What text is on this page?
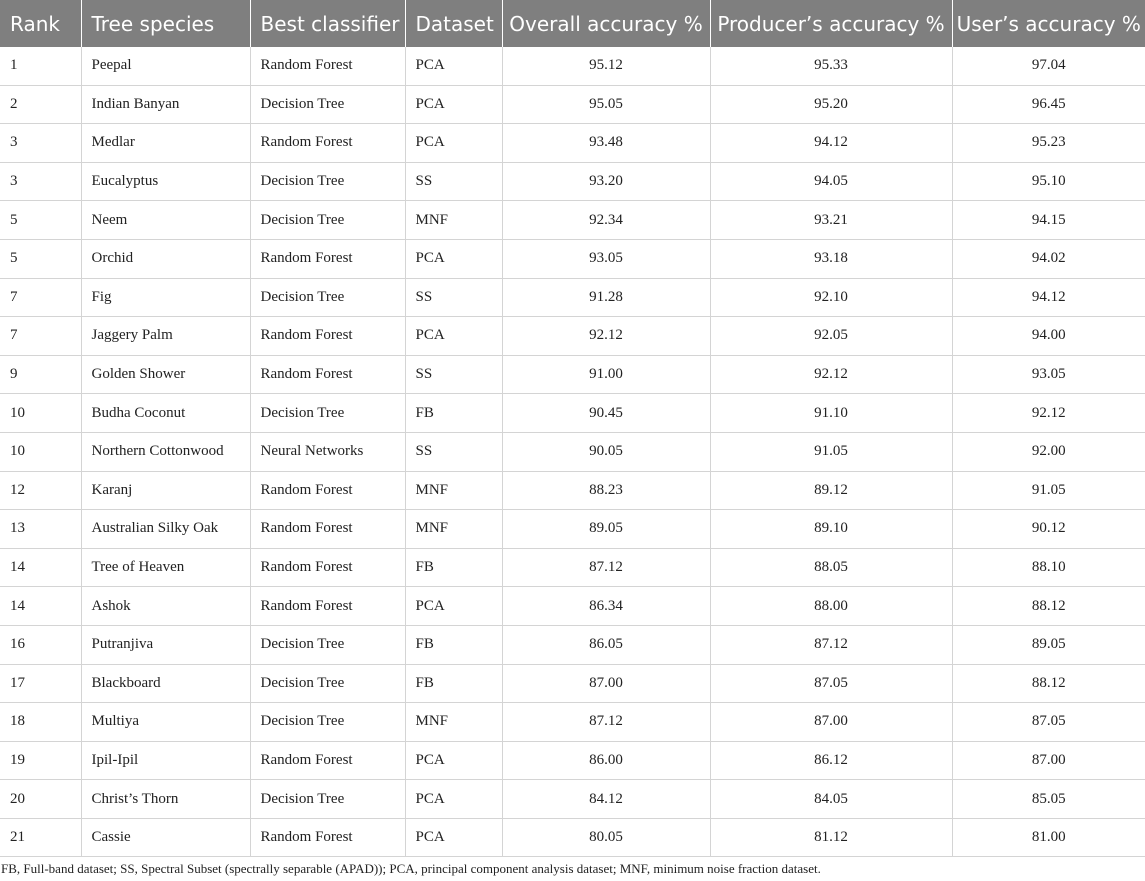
Rank	Tree species	Best classifier	Dataset	Overall accuracy %	Producer’s accuracy %	User’s accuracy %
1	Peepal	Random Forest	PCA	95.12	95.33	97.04
2	Indian Banyan	Decision Tree	PCA	95.05	95.20	96.45
3	Medlar	Random Forest	PCA	93.48	94.12	95.23
3	Eucalyptus	Decision Tree	SS	93.20	94.05	95.10
5	Neem	Decision Tree	MNF	92.34	93.21	94.15
5	Orchid	Random Forest	PCA	93.05	93.18	94.02
7	Fig	Decision Tree	SS	91.28	92.10	94.12
7	Jaggery Palm	Random Forest	PCA	92.12	92.05	94.00
9	Golden Shower	Random Forest	SS	91.00	92.12	93.05
10	Budha Coconut	Decision Tree	FB	90.45	91.10	92.12
10	Northern Cottonwood	Neural Networks	SS	90.05	91.05	92.00
12	Karanj	Random Forest	MNF	88.23	89.12	91.05
13	Australian Silky Oak	Random Forest	MNF	89.05	89.10	90.12
14	Tree of Heaven	Random Forest	FB	87.12	88.05	88.10
14	Ashok	Random Forest	PCA	86.34	88.00	88.12
16	Putranjiva	Decision Tree	FB	86.05	87.12	89.05
17	Blackboard	Decision Tree	FB	87.00	87.05	88.12
18	Multiya	Decision Tree	MNF	87.12	87.00	87.05
19	Ipil-Ipil	Random Forest	PCA	86.00	86.12	87.00
20	Christ’s Thorn	Decision Tree	PCA	84.12	84.05	85.05
21	Cassie	Random Forest	PCA	80.05	81.12	81.00
FB, Full-band dataset; SS, Spectral Subset (spectrally separable (APAD)); PCA, principal component analysis dataset; MNF, minimum noise fraction dataset.
